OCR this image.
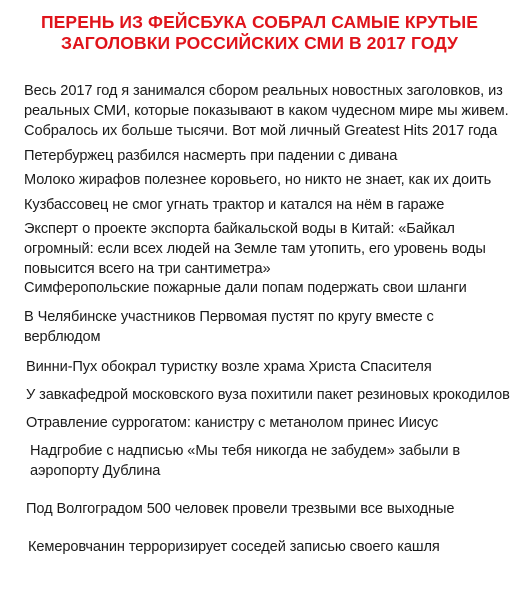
ПЕРЕНЬ ИЗ ФЕЙСБУКА СОБРАЛ САМЫЕ КРУТЫЕ
ЗАГОЛОВКИ РОССИЙСКИХ СМИ В 2017 ГОДУ
Весь 2017 год я занимался сбором реальных новостных заголовков, из
реальных СМИ, которые показывают в каком чудесном мире мы живем.
Собралось их больше тысячи. Вот мой личный Greatest Hits 2017 года
Петербуржец разбился насмерть при падении с дивана
Молоко жирафов полезнее коровьего, но никто не знает, как их доить
Кузбассовец не смог угнать трактор и катался на нём в гараже
Эксперт о проекте экспорта байкальской воды в Китай: «Байкал
огромный: если всех людей на Земле там утопить, его уровень воды
повысится всего на три сантиметра»
Симферопольские пожарные дали попам подержать свои шланги
В Челябинске участников Первомая пустят по кругу вместе с
верблюдом
Винни-Пух обокрал туристку возле храма Христа Спасителя
У завкафедрой московского вуза похитили пакет резиновых крокодилов
Отравление суррогатом: канистру с метанолом принес Иисус
Надгробие с надписью «Мы тебя никогда не забудем» забыли в
аэропорту Дублина
Под Волгоградом 500 человек провели трезвыми все выходные
Кемеровчанин терроризирует соседей записью своего кашля
